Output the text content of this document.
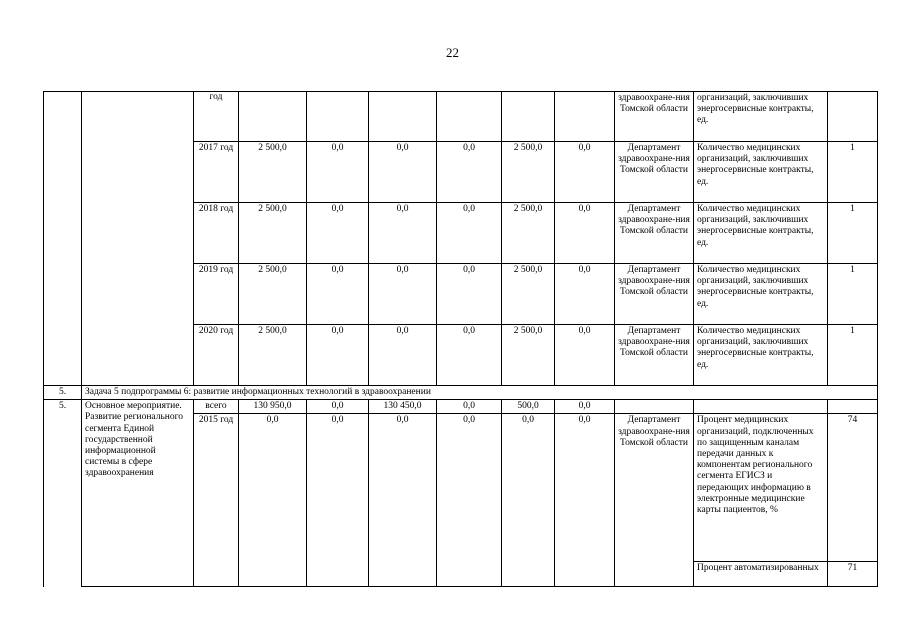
22
		год							здравоохране-ния Томской области	организаций, заключивших энергосервисные контракты, ед.	
		2017 год	2 500,0	0,0	0,0	0,0	2 500,0	0,0	Департамент здравоохране-ния Томской области	Количество медицинских организаций, заключивших энергосервисные контракты, ед.	1
		2018 год	2 500,0	0,0	0,0	0,0	2 500,0	0,0	Департамент здравоохране-ния Томской области	Количество медицинских организаций, заключивших энергосервисные контракты, ед.	1
		2019 год	2 500,0	0,0	0,0	0,0	2 500,0	0,0	Департамент здравоохране-ния Томской области	Количество медицинских организаций, заключивших энергосервисные контракты, ед.	1
		2020 год	2 500,0	0,0	0,0	0,0	2 500,0	0,0	Департамент здравоохране-ния Томской области	Количество медицинских организаций, заключивших энергосервисные контракты, ед.	1
5.	Задача 5 подпрограммы 6: развитие информационных технологий в здравоохранении										
5.	Основное мероприятие. Развитие регионального сегмента Единой государственной информационной системы в сфере здравоохранения	всего	130 950,0	0,0	130 450,0	0,0	500,0	0,0			
		2015 год	0,0	0,0	0,0	0,0	0,0	0,0	Департамент здравоохране-ния Томской области	Процент медицинских организаций, подключенных по защищенным каналам передачи данных к компонентам регионального сегмента ЕГИСЗ и передающих информацию в электронные медицинские карты пациентов, %	74
										Процент автоматизированных	71
